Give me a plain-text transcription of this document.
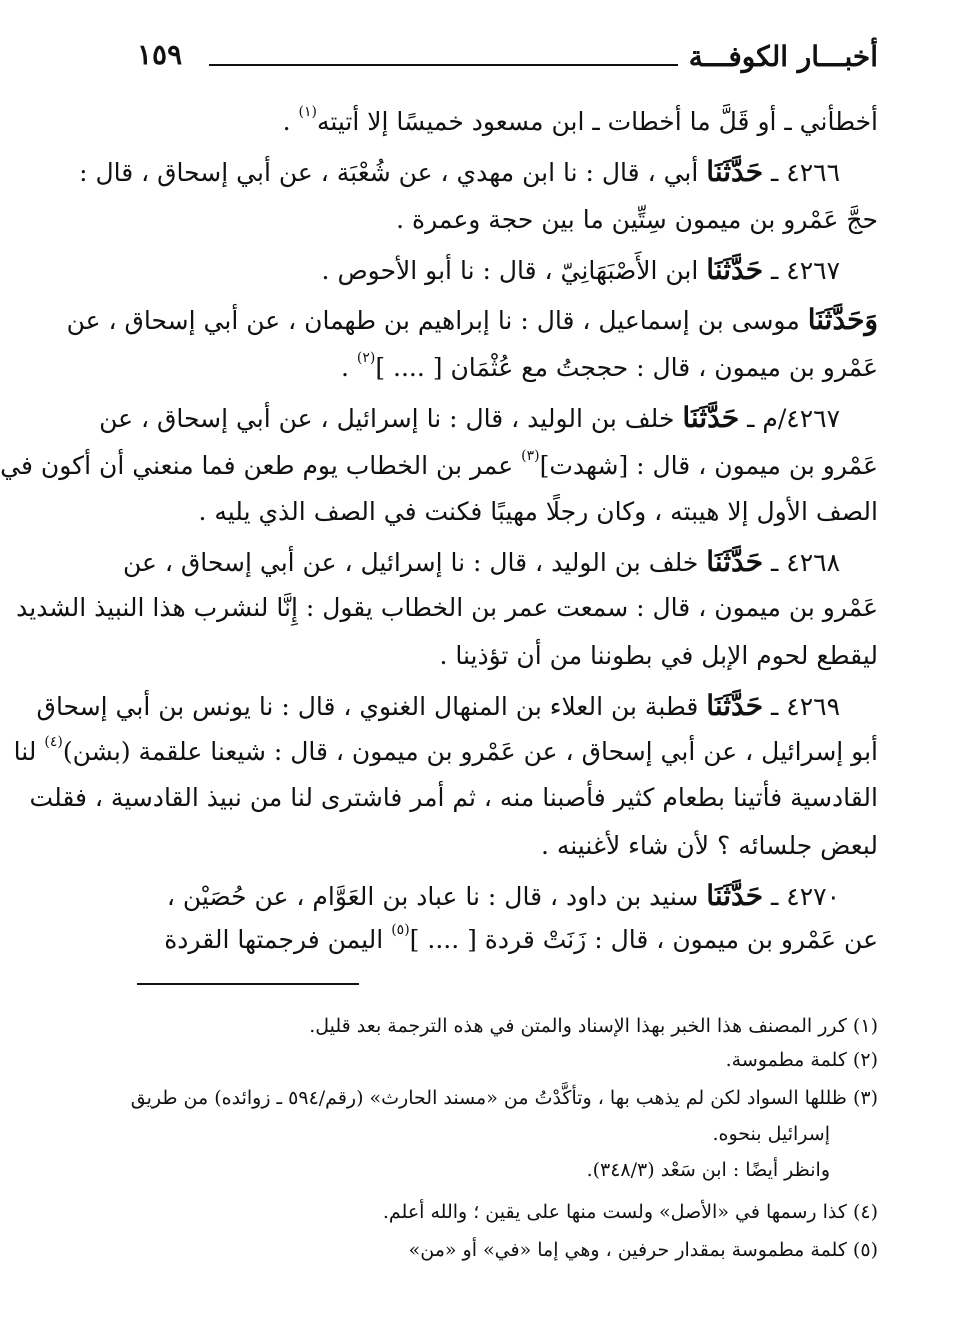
أخبـــار الكوفـــة
١٥٩
أخطأني ـ أو قَلَّ ما أخطات ـ ابن مسعود خميسًا إلا أتيته$^{(١)}$ .
٤٢٦٦ ـ حَدَّثَنَا أبي ، قال : نا ابن مهدي ، عن شُعْبَة ، عن أبي إسحاق ، قال :
حجَّ عَمْرو بن ميمون سِتِّين ما بين حجة وعمرة .
٤٢٦٧ ـ حَدَّثَنَا ابن الأَصْبَهَانِيّ ، قال : نا أبو الأحوص .
وَحَدَّثَنَا موسى بن إسماعيل ، قال : نا إبراهيم بن طهمان ، عن أبي إسحاق ، عن
عَمْرو بن ميمون ، قال : حججتُ مع عُثْمَان [ .... ]$^{(٢)}$ .
٤٢٦٧/م ـ حَدَّثَنَا خلف بن الوليد ، قال : نا إسرائيل ، عن أبي إسحاق ، عن
عَمْرو بن ميمون ، قال : [شهدت]$^{(٣)}$ عمر بن الخطاب يوم طعن فما منعني أن أكون في
الصف الأول إلا هيبته ، وكان رجلًا مهيبًا فكنت في الصف الذي يليه .
٤٢٦٨ ـ حَدَّثَنَا خلف بن الوليد ، قال : نا إسرائيل ، عن أبي إسحاق ، عن
عَمْرو بن ميمون ، قال : سمعت عمر بن الخطاب يقول : إِنَّا لنشرب هذا النبيذ الشديد
ليقطع لحوم الإبل في بطوننا من أن تؤذينا .
٤٢٦٩ ـ حَدَّثَنَا قطبة بن العلاء بن المنهال الغنوي ، قال : نا يونس بن أبي إسحاق
أبو إسرائيل ، عن أبي إسحاق ، عن عَمْرو بن ميمون ، قال : شيعنا علقمة (بشن)$^{(٤)}$ لنا
القادسية فأتينا بطعام كثير فأصبنا منه ، ثم أمر فاشترى لنا من نبيذ القادسية ، فقلت
لبعض جلسائه ؟ لأن شاء لأغنينه .
٤٢٧٠ ـ حَدَّثَنَا سنيد بن داود ، قال : نا عباد بن العَوَّام ، عن حُصَيْن ،
عن عَمْرو بن ميمون ، قال : زَنَتْ قردة [ .... ]$^{(٥)}$ اليمن فرجمتها القردة
(١) كرر المصنف هذا الخبر بهذا الإسناد والمتن في هذه الترجمة بعد قليل.
(٢) كلمة مطموسة.
(٣) ظللها السواد لكن لم يذهب بها ، وتأكَّدْتُ من «مسند الحارث» (رقم/٥٩٤ ـ زوائده) من طريق
إسرائيل بنحوه.
وانظر أيضًا : ابن سَعْد (٣٤٨/٣).
(٤) كذا رسمها في «الأصل» ولست منها على يقين ؛ والله أعلم.
(٥) كلمة مطموسة بمقدار حرفين ، وهي إما «في» أو «من»
